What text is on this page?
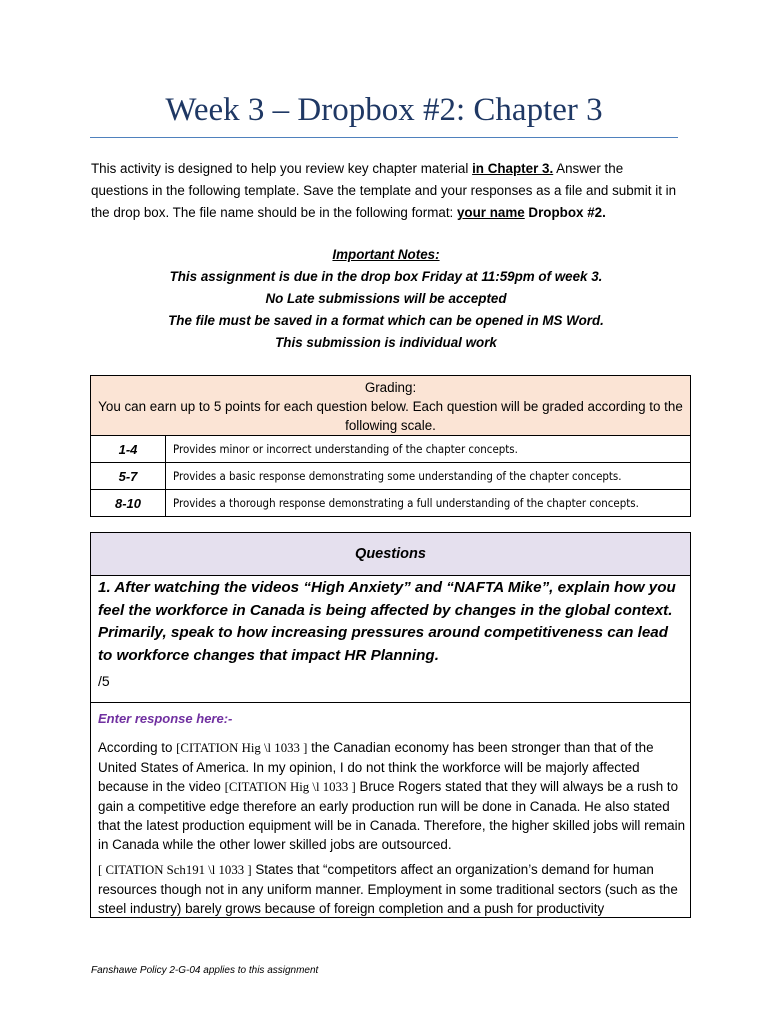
Week 3 – Dropbox #2: Chapter 3
This activity is designed to help you review key chapter material in Chapter 3. Answer the questions in the following template. Save the template and your responses as a file and submit it in the drop box. The file name should be in the following format: your name Dropbox #2.
Important Notes:
This assignment is due in the drop box Friday at 11:59pm of week 3.
No Late submissions will be accepted
The file must be saved in a format which can be opened in MS Word.
This submission is individual work
Grading:
You can earn up to 5 points for each question below. Each question will be graded according to the following scale.	

1-4	Provides minor or incorrect understanding of the chapter concepts.
5-7	Provides a basic response demonstrating some understanding of the chapter concepts.
8-10	Provides a thorough response demonstrating a full understanding of the chapter concepts.
Questions
1. After watching the videos “High Anxiety” and “NAFTA Mike”, explain how you feel the workforce in Canada is being affected by changes in the global context. Primarily, speak to how increasing pressures around competitiveness can lead to workforce changes that impact HR Planning.
/5
Enter response here:-

According to [CITATION Hig \l 1033 ] the Canadian economy has been stronger than that of the United States of America. In my opinion, I do not think the workforce will be majorly affected because in the video [CITATION Hig \l 1033 ] Bruce Rogers stated that they will always be a rush to gain a competitive edge therefore an early production run will be done in Canada. He also stated that the latest production equipment will be in Canada. Therefore, the higher skilled jobs will remain in Canada while the other lower skilled jobs are outsourced.

[ CITATION Sch191 \l 1033 ] States that “competitors affect an organization’s demand for human resources though not in any uniform manner. Employment in some traditional sectors (such as the steel industry) barely grows because of foreign completion and a push for productivity

Fanshawe Policy 2-G-04 applies to this assignment
